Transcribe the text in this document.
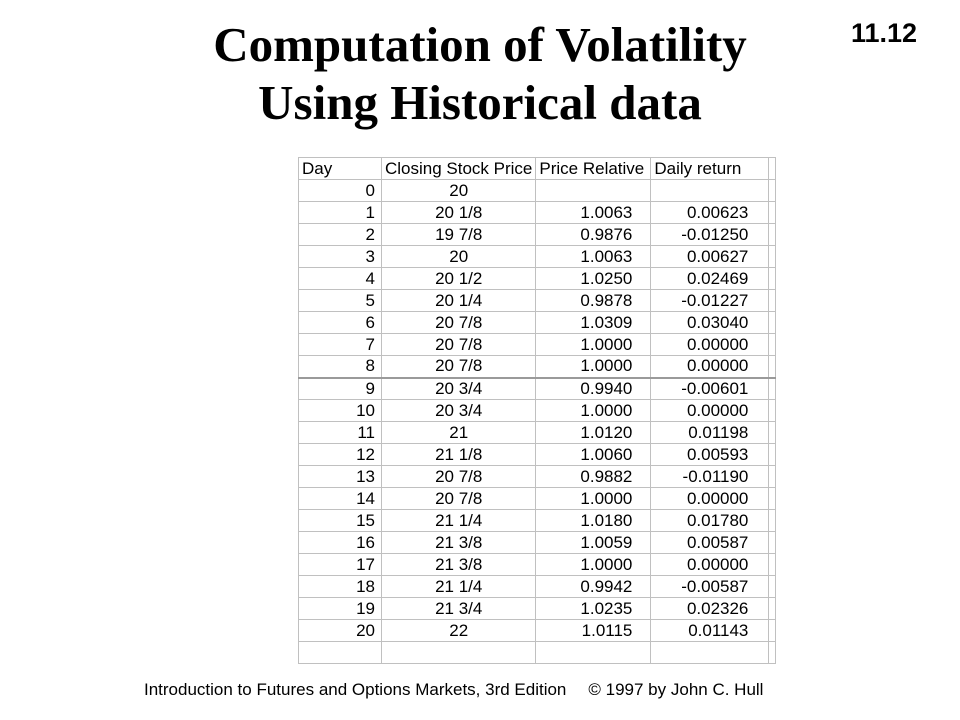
11.12
Computation of Volatility
Using Historical data
Day	Closing Stock Price	Price Relative	Daily return	
0	20			
1	20 1/8	1.0063	0.00623	
2	19 7/8	0.9876	-0.01250	
3	20	1.0063	0.00627	
4	20 1/2	1.0250	0.02469	
5	20 1/4	0.9878	-0.01227	
6	20 7/8	1.0309	0.03040	
7	20 7/8	1.0000	0.00000	
8	20 7/8	1.0000	0.00000	
9	20 3/4	0.9940	-0.00601	
10	20 3/4	1.0000	0.00000	
11	21	1.0120	0.01198	
12	21 1/8	1.0060	0.00593	
13	20 7/8	0.9882	-0.01190	
14	20 7/8	1.0000	0.00000	
15	21 1/4	1.0180	0.01780	
16	21 3/8	1.0059	0.00587	
17	21 3/8	1.0000	0.00000	
18	21 1/4	0.9942	-0.00587	
19	21 3/4	1.0235	0.02326	
20	22	1.0115	0.01143	

Introduction to Futures and Options Markets, 3rd Edition © 1997 by John C. Hull
